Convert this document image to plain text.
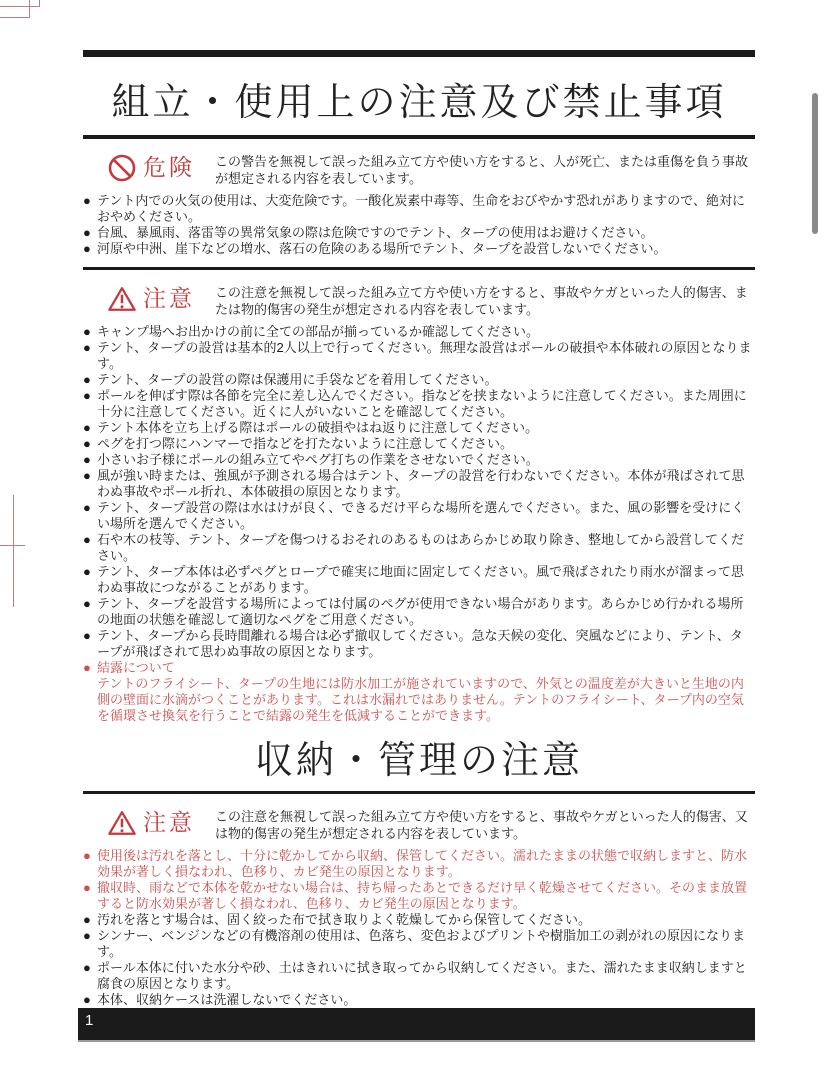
組立・使用上の注意及び禁止事項
危険 この警告を無視して誤った組み立て方や使い方をすると、人が死亡、または重傷を負う事故が想定される内容を表しています。

● テント内での火気の使用は、大変危険です。一酸化炭素中毒等、生命をおびやかす恐れがありますので、絶対におやめください。
● 台風、暴風雨、落雷等の異常気象の際は危険ですのでテント、タープの使用はお避けください。
● 河原や中洲、崖下などの増水、落石の危険のある場所でテント、タープを設営しないでください。
注意 この注意を無視して誤った組み立て方や使い方をすると、事故やケガといった人的傷害、または物的傷害の発生が想定される内容を表しています。

● キャンプ場へお出かけの前に全ての部品が揃っているか確認してください。
● テント、タープの設営は基本的2人以上で行ってください。無理な設営はポールの破損や本体破れの原因となります。
● テント、タープの設営の際は保護用に手袋などを着用してください。
● ポールを伸ばす際は各節を完全に差し込んでください。指などを挟まないように注意してください。また周囲に十分に注意してください。近くに人がいないことを確認してください。
● テント本体を立ち上げる際はポールの破損やはね返りに注意してください。
● ペグを打つ際にハンマーで指などを打たないように注意してください。
● 小さいお子様にポールの組み立てやペグ打ちの作業をさせないでください。
● 風が強い時または、強風が予測される場合はテント、タープの設営を行わないでください。本体が飛ばされて思わぬ事故やポール折れ、本体破損の原因となります。
● テント、タープ設営の際は水はけが良く、できるだけ平らな場所を選んでください。また、風の影響を受けにくい場所を選んでください。
● 石や木の枝等、テント、タープを傷つけるおそれのあるものはあらかじめ取り除き、整地してから設営してください。
● テント、タープ本体は必ずペグとロープで確実に地面に固定してください。風で飛ばされたり雨水が溜まって思わぬ事故につながることがあります。
● テント、タープを設営する場所によっては付属のペグが使用できない場合があります。あらかじめ行かれる場所の地面の状態を確認して適切なペグをご用意ください。
● テント、タープから長時間離れる場合は必ず撤収してください。急な天候の変化、突風などにより、テント、タープが飛ばされて思わぬ事故の原因となります。
● 結露について

テントのフライシート、タープの生地には防水加工が施されていますので、外気との温度差が大きいと生地の内側の壁面に水滴がつくことがあります。これは水漏れではありません。テントのフライシート、タープ内の空気を循環させ換気を行うことで結露の発生を低減することができます。

収納・管理の注意
注意 この注意を無視して誤った組み立て方や使い方をすると、事故やケガといった人的傷害、又は物的傷害の発生が想定される内容を表しています。

● 使用後は汚れを落とし、十分に乾かしてから収納、保管してください。濡れたままの状態で収納しますと、防水効果が著しく損なわれ、色移り、カビ発生の原因となります。
● 撤収時、雨などで本体を乾かせない場合は、持ち帰ったあとできるだけ早く乾燥させてください。そのまま放置すると防水効果が著しく損なわれ、色移り、カビ発生の原因となります。
● 汚れを落とす場合は、固く絞った布で拭き取りよく乾燥してから保管してください。
● シンナー、ベンジンなどの有機溶剤の使用は、色落ち、変色およびプリントや樹脂加工の剥がれの原因になります。
● ポール本体に付いた水分や砂、土はきれいに拭き取ってから収納してください。また、濡れたまま収納しますと腐食の原因となります。
● 本体、収納ケースは洗濯しないでください。
●
1
